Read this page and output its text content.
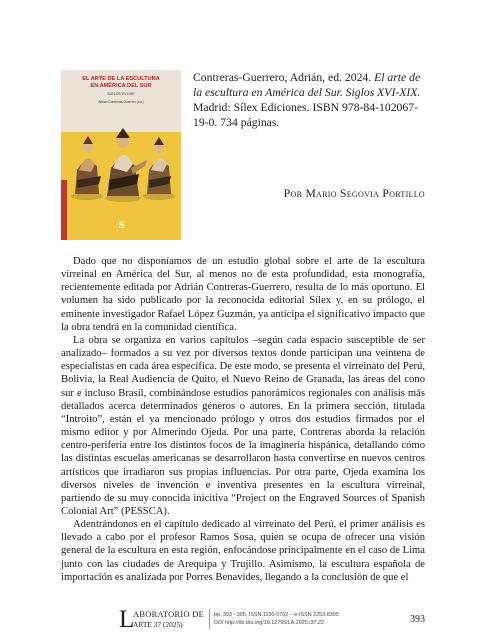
EL ARTE DE LA ESCULTURA
EN AMÉRICA DEL SUR
SIGLOS XVI-XIX
Adrián Contreras-Guerrero (ed.)
S
Contreras-Guerrero, Adrián, ed. 2024. El arte de la escultura en América del Sur. Siglos XVI-XIX. Madrid: Sílex Ediciones. ISBN 978-84-102067-19-0. 734 páginas.
Por Mario Segovia Portillo

Dado que no disponíamos de un estudio global sobre el arte de la escultura virreinal en América del Sur, al menos no de esta profundidad, esta monografía, recientemente editada por Adrián Contreras-Guerrero, resulta de lo más oportuno. El volumen ha sido publicado por la reconocida editorial Sílex y, en su prólogo, el eminente investigador Rafael López Guzmán, ya anticipa el significativo impacto que la obra tendrá en la comunidad científica.

La obra se organiza en varios capítulos –según cada espacio susceptible de ser analizado– formados a su vez por diversos textos donde participan una veintena de especialistas en cada área específica. De este modo, se presenta el virreinato del Perú, Bolivia, la Real Audiencia de Quito, el Nuevo Reino de Granada, las áreas del cono sur e incluso Brasil, combinándose estudios panorámicos regionales con análisis más detallados acerca determinados géneros o autores. En la primera sección, titulada “Introito”, están el ya mencionado prólogo y otros dos estudios firmados por el mismo editor y por Almerindo Ojeda. Por una parte, Contreras aborda la relación centro-periferia entre los distintos focos de la imaginería hispánica, detallando cómo las distintas escuelas americanas se desarrollaron hasta convertirse en nuevos centros artísticos que irradiaron sus propias influencias. Por otra parte, Ojeda examina los diversos niveles de invención e inventiva presentes en la escultura virreinal, partiendo de su muy conocida inicitiva “Project on the Engraved Sources of Spanish Colonial Art” (PESSCA).

Adentrándonos en el capítulo dedicado al virreinato del Perú, el primer análisis es llevado a cabo por el profesor Ramos Sosa, quien se ocupa de ofrecer una visión general de la escultura en esta región, enfocándose principalmente en el caso de Lima junto con las ciudades de Arequipa y Trujillo. Asimismo, la escultura española de importación es analizada por Porres Benavides, llegando a la conclusión de que el

L
ABORATORIO DE
ARTE 37 (2025)
pp. 393 - 395, ISSN 1130-5762 – e-ISSN 2253-8305
DOI http://dx.doi.org/10.12795/LA.2025.i37.22	393
